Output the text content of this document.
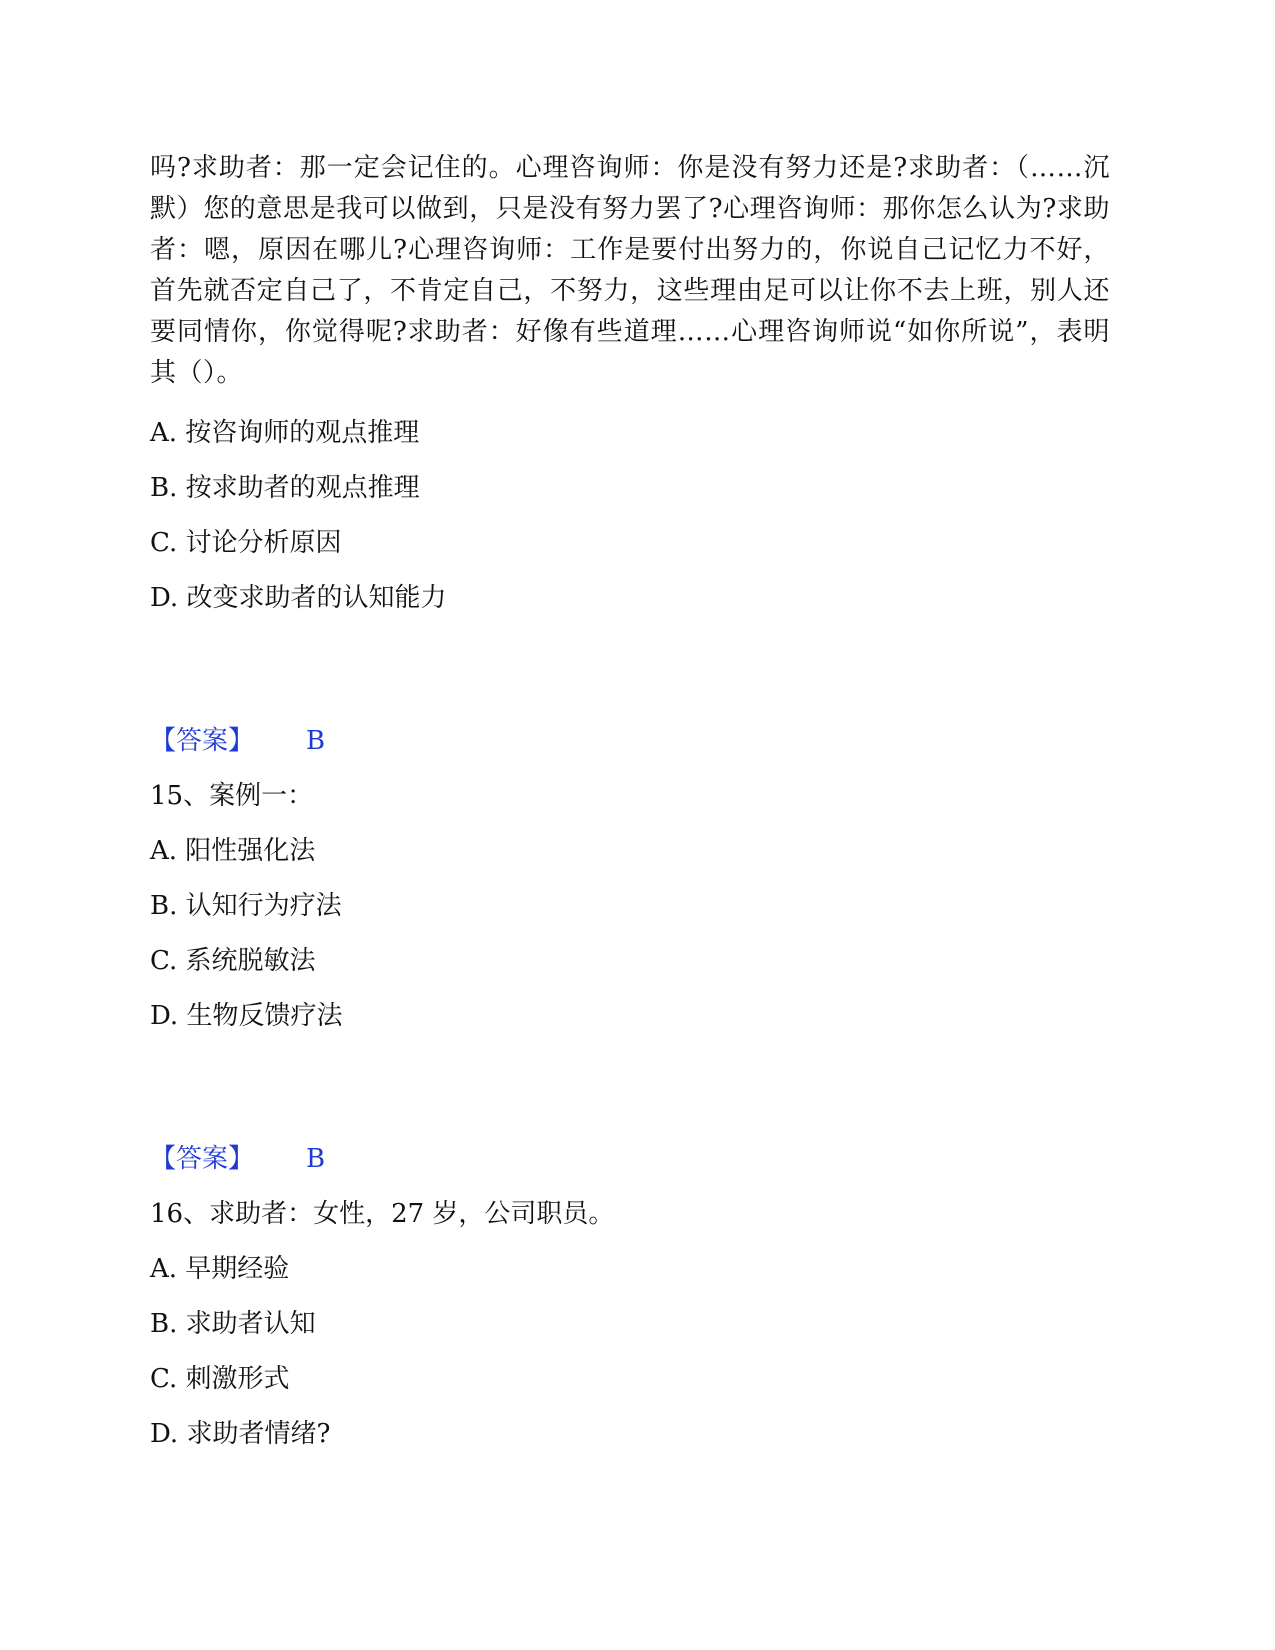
吗?求助者：那一定会记住的。心理咨询师：你是没有努力还是?求助者：（……沉默）您的意思是我可以做到，只是没有努力罢了?心理咨询师：那你怎么认为?求助者：嗯，原因在哪儿?心理咨询师：工作是要付出努力的，你说自己记忆力不好，首先就否定自己了，不肯定自己，不努力，这些理由足可以让你不去上班，别人还要同情你，你觉得呢?求助者：好像有些道理……心理咨询师说“如你所说”，表明其（）。

A. 按咨询师的观点推理

B. 按求助者的观点推理

C. 讨论分析原因

D. 改变求助者的认知能力

【答案】 B

15、案例一：

A. 阳性强化法

B. 认知行为疗法

C. 系统脱敏法

D. 生物反馈疗法

【答案】 B

16、求助者：女性，27 岁，公司职员。

A. 早期经验

B. 求助者认知

C. 刺激形式

D. 求助者情绪?
